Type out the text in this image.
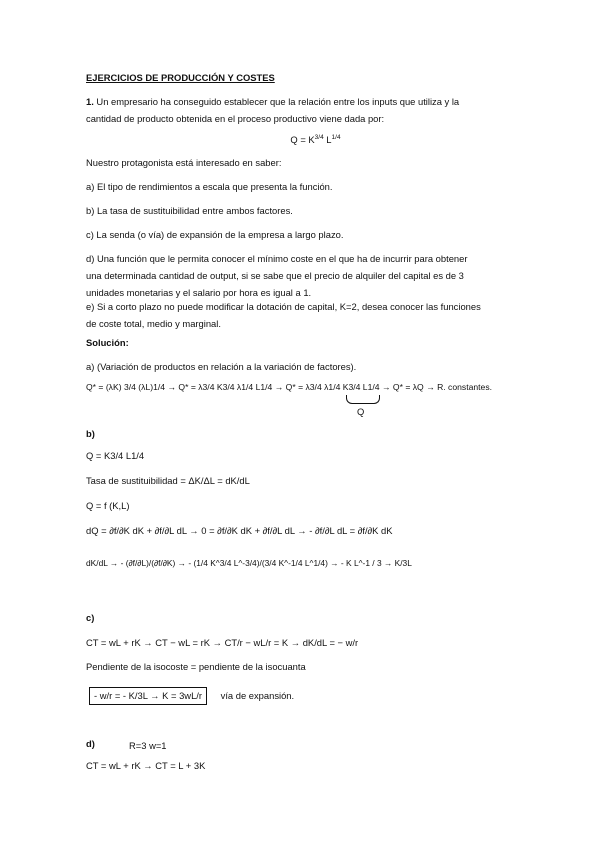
EJERCICIOS DE PRODUCCIÓN Y COSTES
1. Un empresario ha conseguido establecer que la relación entre los inputs que utiliza y la
cantidad de producto obtenida en el proceso productivo viene dada por:
$Q = K^{3/4}$ $L^{1/4}$
Nuestro protagonista está interesado en saber:
a) El tipo de rendimientos a escala que presenta la función.
b) La tasa de sustituibilidad entre ambos factores.
c) La senda (o vía) de expansión de la empresa a largo plazo.
d) Una función que le permita conocer el mínimo coste en el que ha de incurrir para obtener
una determinada cantidad de output, si se sabe que el precio de alquiler del capital es de 3
unidades monetarias y el salario por hora es igual a 1.
e) Si a corto plazo no puede modificar la dotación de capital, K=2, desea conocer las funciones
de coste total, medio y marginal.
Solución:
a) (Variación de productos en relación a la variación de factores).
Q* = (λK) 3/4 (λL)1/4 → Q* = λ3/4 K3/4 λ1/4 L1/4 → Q* = λ3/4 λ1/4 K3/4 L1/4 → Q* = λQ → R. constantes.
Q
b)
Q = K3/4 L1/4
Tasa de sustituibilidad = ΔK/ΔL = dK/dL
Q = f (K,L)
dQ = ∂f/∂K dK + ∂f/∂L dL → 0 = ∂f/∂K dK + ∂f/∂L dL → - ∂f/∂L dL = ∂f/∂K dK
dK/dL → - (∂f/∂L)/(∂f/∂K) → - (1/4 K^3/4 L^-3/4)/(3/4 K^-1/4 L^1/4) → - K L^-1 / 3 → K/3L
c)
CT = wL + rK → CT − wL = rK → CT/r − wL/r = K → dK/dL = − w/r
Pendiente de la isocoste = pendiente de la isocuanta
- w/r = - K/3L → K = 3wL/r vía de expansión.
d)	R=3 w=1
CT = wL + rK → CT = L + 3K
